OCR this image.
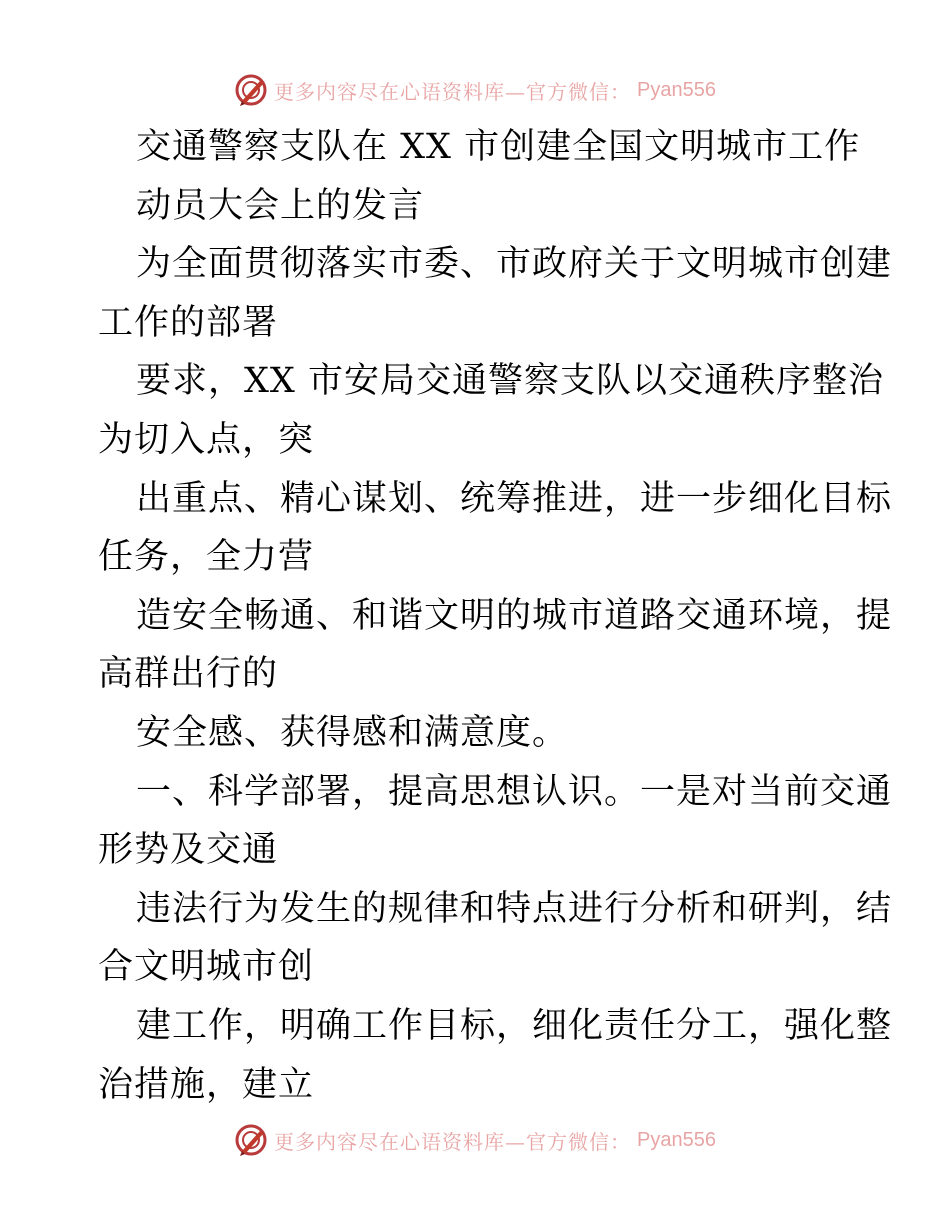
更多内容尽在心语资料库—官方微信： Pyan556
交通警察支队在 XX 市创建全国文明城市工作
动员大会上的发言
为全面贯彻落实市委、市政府关于文明城市创建
工作的部署
要求，XX 市安局交通警察支队以交通秩序整治
为切入点，突
出重点、精心谋划、统筹推进，进一步细化目标
任务，全力营
造安全畅通、和谐文明的城市道路交通环境，提
高群出行的
安全感、获得感和满意度。
一、科学部署，提高思想认识。一是对当前交通
形势及交通
违法行为发生的规律和特点进行分析和研判，结
合文明城市创
建工作，明确工作目标，细化责任分工，强化整
治措施，建立
更多内容尽在心语资料库—官方微信： Pyan556
